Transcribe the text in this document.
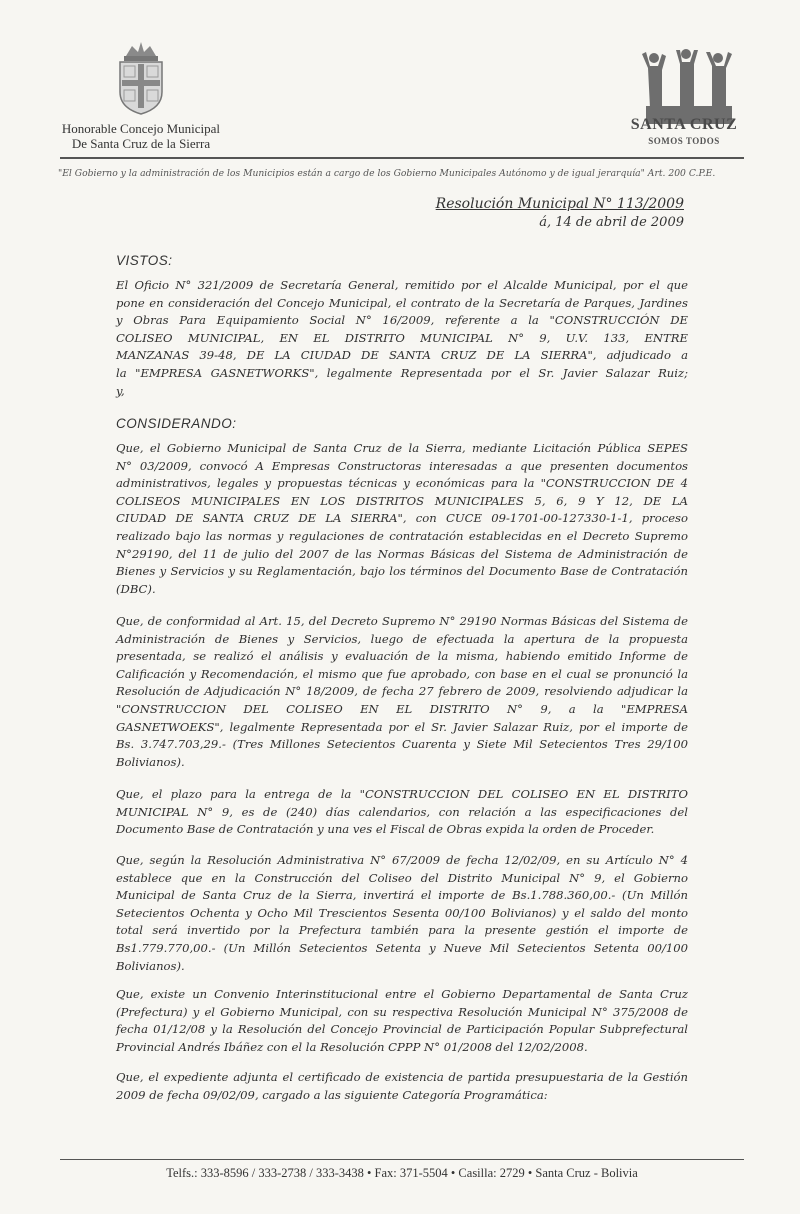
Honorable Concejo Municipal
De Santa Cruz de la Sierra
SANTA CRUZ
SOMOS TODOS
"El Gobierno y la administración de los Municipios están a cargo de los Gobierno Municipales Autónomo y de igual jerarquía" Art. 200 C.P.E.
Resolución Municipal N° 113/2009
á, 14 de abril de 2009
VISTOS:
El Oficio N° 321/2009 de Secretaría General, remitido por el Alcalde Municipal, por el que
pone en consideración del Concejo Municipal, el contrato de la Secretaría de Parques, Jardines
y Obras Para Equipamiento Social N° 16/2009, referente a la "CONSTRUCCIÓN DE
COLISEO MUNICIPAL, EN EL DISTRITO MUNICIPAL N° 9, U.V. 133, ENTRE
MANZANAS 39-48, DE LA CIUDAD DE SANTA CRUZ DE LA SIERRA", adjudicado a
la "EMPRESA GASNETWORKS", legalmente Representada por el Sr. Javier Salazar Ruiz;
y,
CONSIDERANDO:
Que, el Gobierno Municipal de Santa Cruz de la Sierra, mediante Licitación Pública SEPES
N° 03/2009, convocó A Empresas Constructoras interesadas a que presenten documentos
administrativos, legales y propuestas técnicas y económicas para la "CONSTRUCCION DE 4
COLISEOS MUNICIPALES EN LOS DISTRITOS MUNICIPALES 5, 6, 9 Y 12, DE LA
CIUDAD DE SANTA CRUZ DE LA SIERRA", con CUCE 09-1701-00-127330-1-1, proceso
realizado bajo las normas y regulaciones de contratación establecidas en el Decreto Supremo
N°29190, del 11 de julio del 2007 de las Normas Básicas del Sistema de Administración de
Bienes y Servicios y su Reglamentación, bajo los términos del Documento Base de Contratación
(DBC).
Que, de conformidad al Art. 15, del Decreto Supremo N° 29190 Normas Básicas del Sistema de
Administración de Bienes y Servicios, luego de efectuada la apertura de la propuesta
presentada, se realizó el análisis y evaluación de la misma, habiendo emitido Informe de
Calificación y Recomendación, el mismo que fue aprobado, con base en el cual se pronunció la
Resolución de Adjudicación N° 18/2009, de fecha 27 febrero de 2009, resolviendo adjudicar la
"CONSTRUCCION DEL COLISEO EN EL DISTRITO N° 9, a la "EMPRESA
GASNETWOEKS", legalmente Representada por el Sr. Javier Salazar Ruiz, por el importe de
Bs. 3.747.703,29.- (Tres Millones Setecientos Cuarenta y Siete Mil Setecientos Tres 29/100
Bolivianos).
Que, el plazo para la entrega de la "CONSTRUCCION DEL COLISEO EN EL DISTRITO
MUNICIPAL N° 9, es de (240) días calendarios, con relación a las especificaciones del
Documento Base de Contratación y una ves el Fiscal de Obras expida la orden de Proceder.
Que, según la Resolución Administrativa N° 67/2009 de fecha 12/02/09, en su Artículo N° 4
establece que en la Construcción del Coliseo del Distrito Municipal N° 9, el Gobierno
Municipal de Santa Cruz de la Sierra, invertirá el importe de Bs.1.788.360,00.- (Un Millón
Setecientos Ochenta y Ocho Mil Trescientos Sesenta 00/100 Bolivianos) y el saldo del monto
total será invertido por la Prefectura también para la presente gestión el importe de
Bs1.779.770,00.- (Un Millón Setecientos Setenta y Nueve Mil Setecientos Setenta 00/100
Bolivianos).
Que, existe un Convenio Interinstitucional entre el Gobierno Departamental de Santa Cruz
(Prefectura) y el Gobierno Municipal, con su respectiva Resolución Municipal N° 375/2008 de
fecha 01/12/08 y la Resolución del Concejo Provincial de Participación Popular Subprefectural
Provincial Andrés Ibáñez con el la Resolución CPPP N° 01/2008 del 12/02/2008.
Que, el expediente adjunta el certificado de existencia de partida presupuestaria de la Gestión
2009 de fecha 09/02/09, cargado a las siguiente Categoría Programática:
Telfs.: 333-8596 / 333-2738 / 333-3438 • Fax: 371-5504 • Casilla: 2729 • Santa Cruz - Bolivia
